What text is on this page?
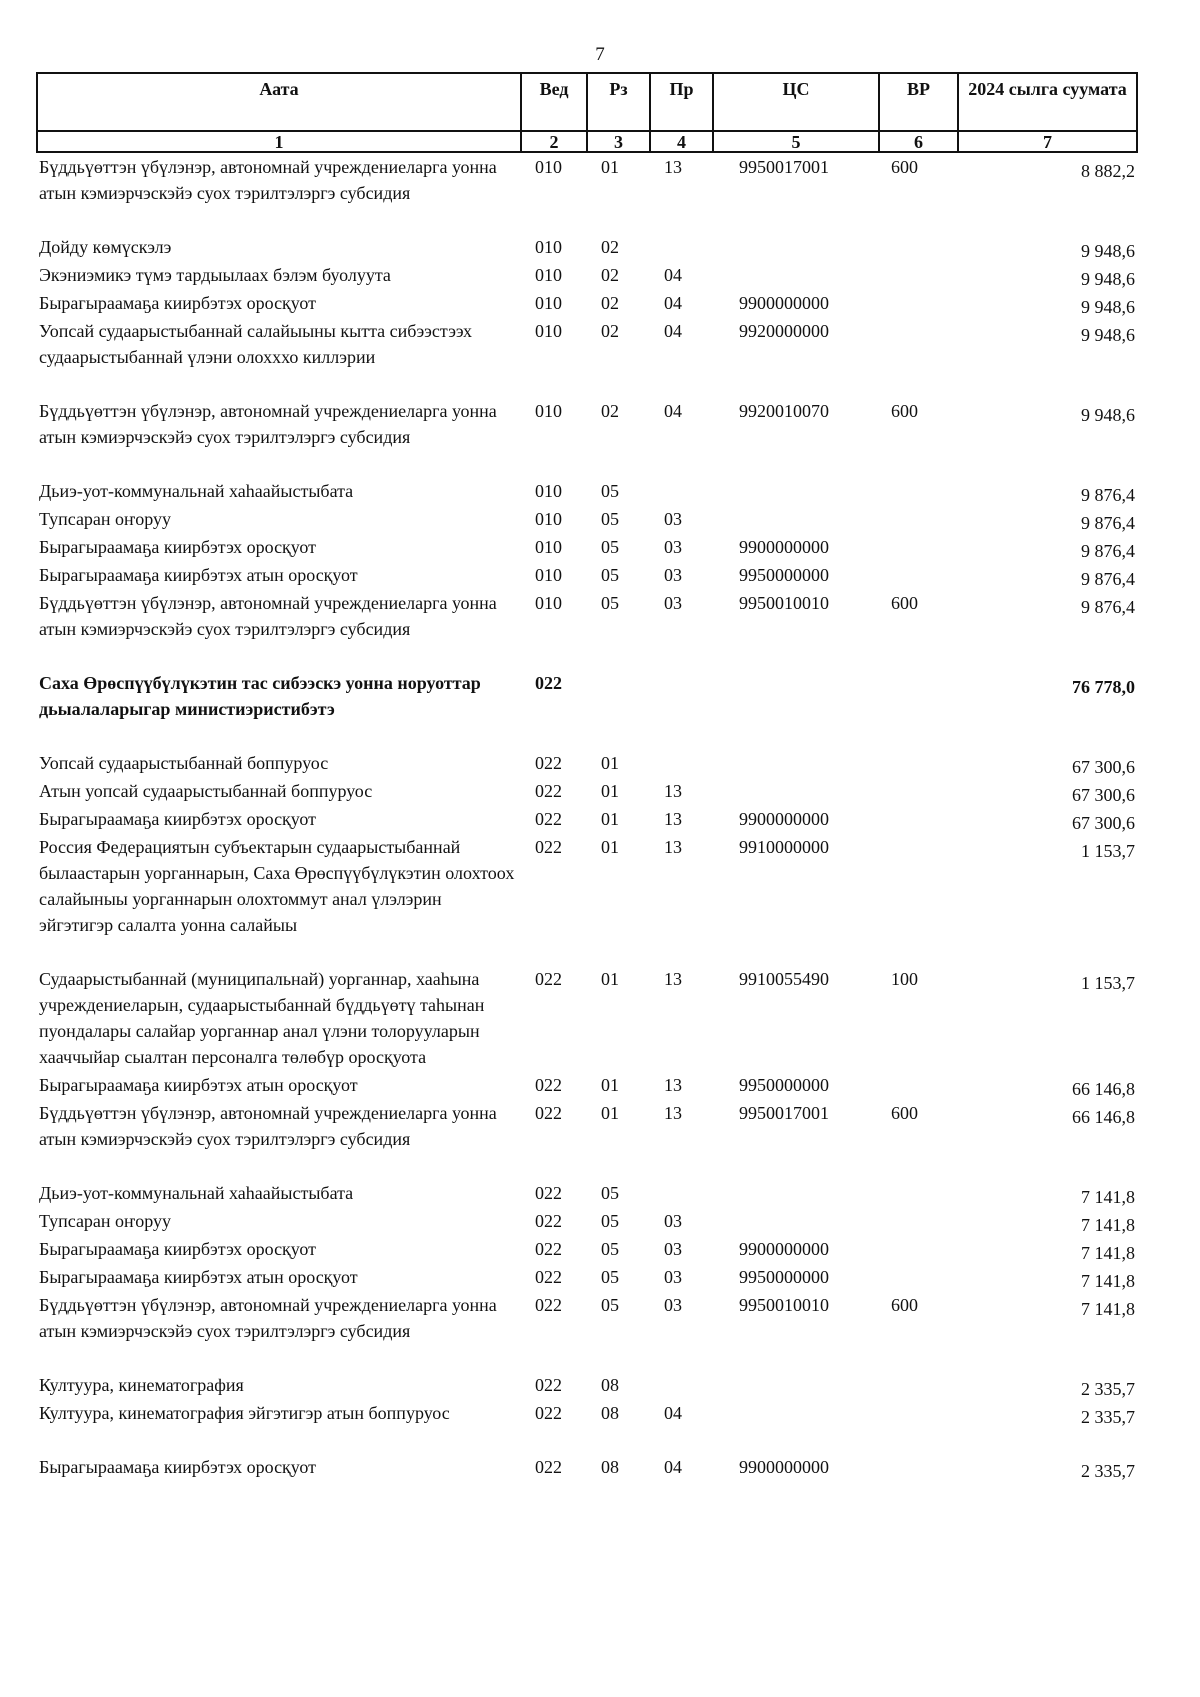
7
Аата	Вед	Рз	Пр	ЦС	ВР	2024 сылга суумата
1	2	3	4	5	6	7
Бүддьүөттэн үбүлэнэр, автономнай учреждениеларга уонна атын кэмиэрчэскэйэ суох тэрилтэлэргэ субсидия	010	01	13	9950017001	600	8 882,2
Дойду көмүскэлэ	010	02				9 948,6
Экэниэмикэ түмэ тардыылаах бэлэм буолуута	010	02	04			9 948,6
Бырагыраамаҕа киирбэтэх оросқуот	010	02	04	9900000000		9 948,6
Уопсай судаарыстыбаннай салайыыны кытта сибээстээх судаарыстыбаннай үлэни олохххо киллэрии	010	02	04	9920000000		9 948,6
Бүддьүөттэн үбүлэнэр, автономнай учреждениеларга уонна атын кэмиэрчэскэйэ суох тэрилтэлэргэ субсидия	010	02	04	9920010070	600	9 948,6
Дьиэ-уот-коммунальнай хаһаайыстыбата	010	05				9 876,4
Тупсаран оҥоруу	010	05	03			9 876,4
Бырагыраамаҕа киирбэтэх оросқуот	010	05	03	9900000000		9 876,4
Бырагыраамаҕа киирбэтэх атын оросқуот	010	05	03	9950000000		9 876,4
Бүддьүөттэн үбүлэнэр, автономнай учреждениеларга уонна атын кэмиэрчэскэйэ суох тэрилтэлэргэ субсидия	010	05	03	9950010010	600	9 876,4
Саха Өрөспүүбүлүкэтин тас сибээскэ уонна норуоттар дьыалаларыгар министиэристибэтэ	022					76 778,0
Уопсай судаарыстыбаннай боппуруос	022	01				67 300,6
Атын уопсай судаарыстыбаннай боппуруос	022	01	13			67 300,6
Бырагыраамаҕа киирбэтэх оросқуот	022	01	13	9900000000		67 300,6
Россия Федерациятын субъектарын судаарыстыбаннай былаастарын уорганнарын, Саха Өрөспүүбүлүкэтин олохтоох салайыныы уорганнарын олохтоммут анал үлэлэрин эйгэтигэр салалта уонна салайыы	022	01	13	9910000000		1 153,7
Судаарыстыбаннай (муниципальнай) уорганнар, хааһына учреждениеларын, судаарыстыбаннай бүддьүөтү таһынан пуондалары салайар уорганнар анал үлэни толорууларын хааччыйар сыалтан персоналга төлөбүр оросқуота	022	01	13	9910055490	100	1 153,7
Бырагыраамаҕа киирбэтэх атын оросқуот	022	01	13	9950000000		66 146,8
Бүддьүөттэн үбүлэнэр, автономнай учреждениеларга уонна атын кэмиэрчэскэйэ суох тэрилтэлэргэ субсидия	022	01	13	9950017001	600	66 146,8
Дьиэ-уот-коммунальнай хаһаайыстыбата	022	05				7 141,8
Тупсаран оҥоруу	022	05	03			7 141,8
Бырагыраамаҕа киирбэтэх оросқуот	022	05	03	9900000000		7 141,8
Бырагыраамаҕа киирбэтэх атын оросқуот	022	05	03	9950000000		7 141,8
Бүддьүөттэн үбүлэнэр, автономнай учреждениеларга уонна атын кэмиэрчэскэйэ суох тэрилтэлэргэ субсидия	022	05	03	9950010010	600	7 141,8
Култуура, кинематография	022	08				2 335,7
Култуура, кинематография эйгэтигэр атын боппуруос	022	08	04			2 335,7
Бырагыраамаҕа киирбэтэх оросқуот	022	08	04	9900000000		2 335,7
